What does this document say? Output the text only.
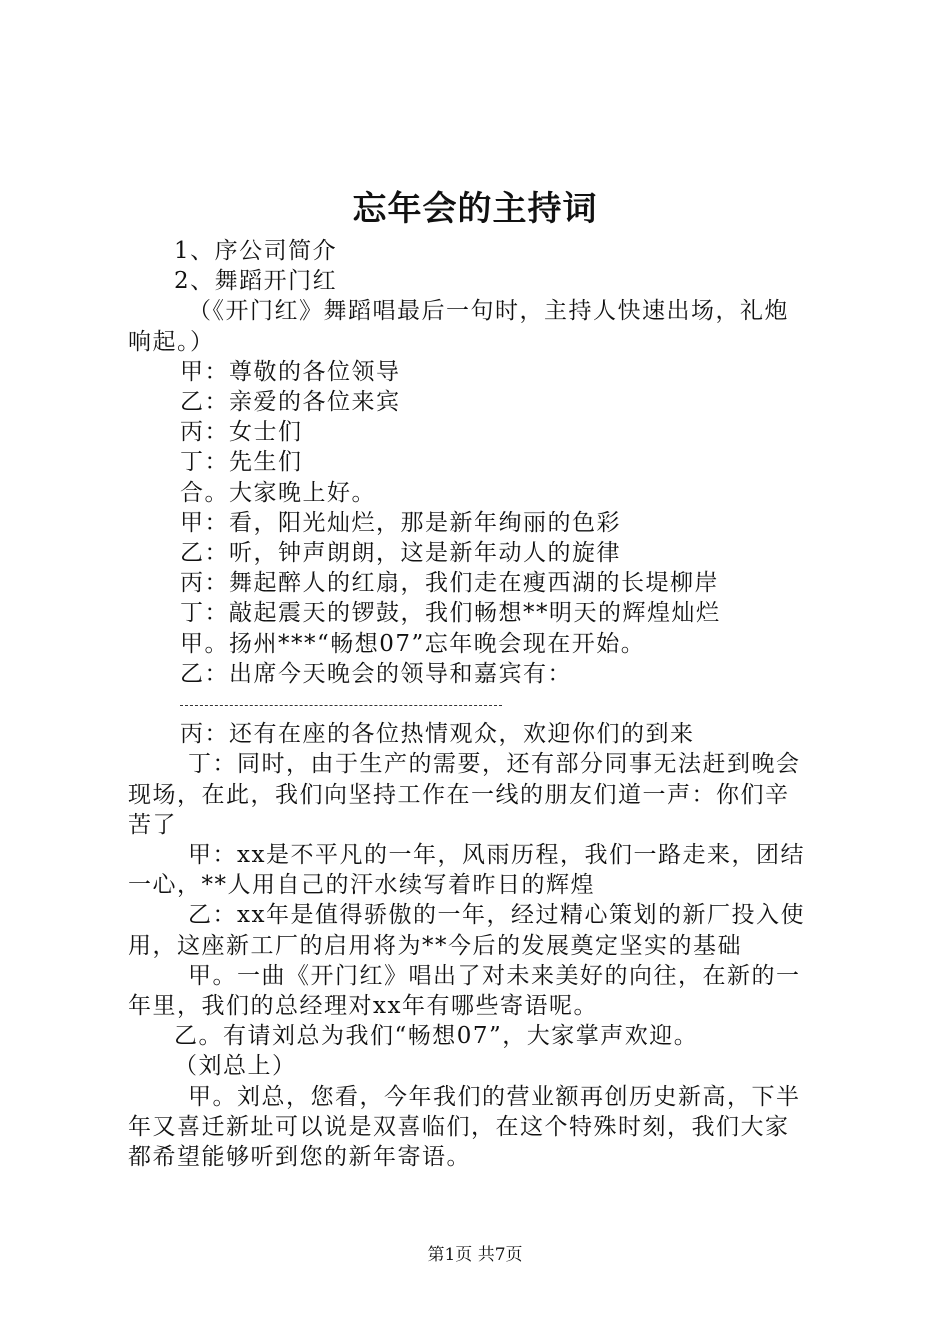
忘年会的主持词

1、序公司简介

2、舞蹈开门红

（《开门红》舞蹈唱最后一句时，主持人快速出场，礼炮

响起。）

甲：尊敬的各位领导

乙：亲爱的各位来宾

丙：女士们

丁：先生们

合。大家晚上好。

甲：看，阳光灿烂，那是新年绚丽的色彩

乙：听，钟声朗朗，这是新年动人的旋律

丙：舞起醉人的红扇，我们走在瘦西湖的长堤柳岸

丁：敲起震天的锣鼓，我们畅想**明天的辉煌灿烂

甲。扬州***“畅想07”忘年晚会现在开始。

乙：出席今天晚会的领导和嘉宾有：

丙：还有在座的各位热情观众，欢迎你们的到来

丁：同时，由于生产的需要，还有部分同事无法赶到晚会

现场，在此，我们向坚持工作在一线的朋友们道一声：你们辛

苦了

甲：xx是不平凡的一年，风雨历程，我们一路走来，团结

一心，**人用自己的汗水续写着昨日的辉煌

乙：xx年是值得骄傲的一年，经过精心策划的新厂投入使

用，这座新工厂的启用将为**今后的发展奠定坚实的基础

甲。一曲《开门红》唱出了对未来美好的向往，在新的一

年里，我们的总经理对xx年有哪些寄语呢。

乙。有请刘总为我们“畅想07”，大家掌声欢迎。

（刘总上）

甲。刘总，您看，今年我们的营业额再创历史新高，下半

年又喜迁新址可以说是双喜临们，在这个特殊时刻，我们大家

都希望能够听到您的新年寄语。

第1页 共7页
